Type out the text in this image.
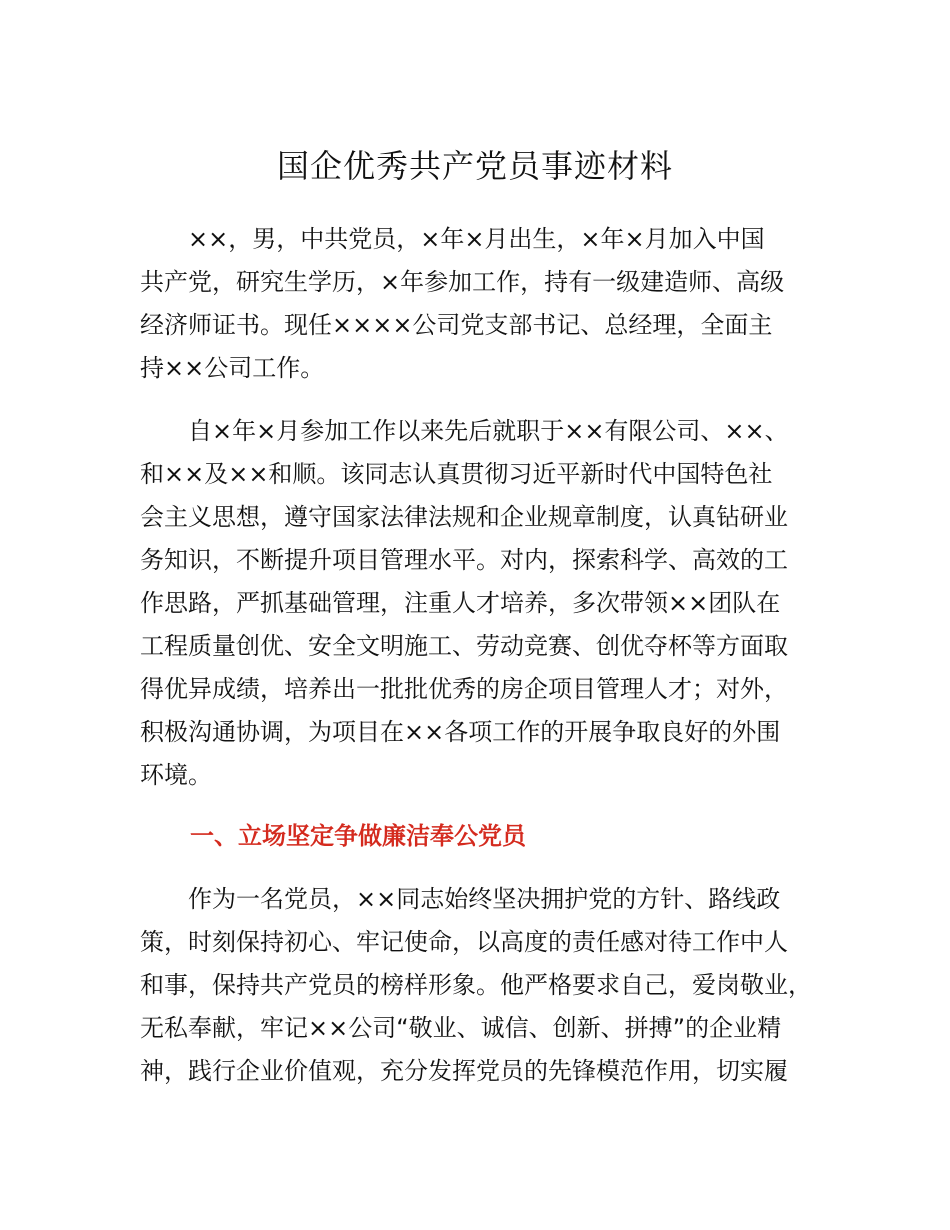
国企优秀共产党员事迹材料
　　××，男，中共党员，×年×月出生，×年×月加入中国
共产党，研究生学历，×年参加工作，持有一级建造师、高级
经济师证书。现任××××公司党支部书记、总经理，全面主
持××公司工作。
　　自×年×月参加工作以来先后就职于××有限公司、××、
和××及××和顺。该同志认真贯彻习近平新时代中国特色社
会主义思想，遵守国家法律法规和企业规章制度，认真钻研业
务知识，不断提升项目管理水平。对内，探索科学、高效的工
作思路，严抓基础管理，注重人才培养，多次带领××团队在
工程质量创优、安全文明施工、劳动竞赛、创优夺杯等方面取
得优异成绩，培养出一批批优秀的房企项目管理人才；对外，
积极沟通协调，为项目在××各项工作的开展争取良好的外围
环境。
一、立场坚定争做廉洁奉公党员
　　作为一名党员，××同志始终坚决拥护党的方针、路线政
策，时刻保持初心、牢记使命，以高度的责任感对待工作中人
和事，保持共产党员的榜样形象。他严格要求自己，爱岗敬业，
无私奉献，牢记××公司“敬业、诚信、创新、拼搏”的企业精
神，践行企业价值观，充分发挥党员的先锋模范作用，切实履
